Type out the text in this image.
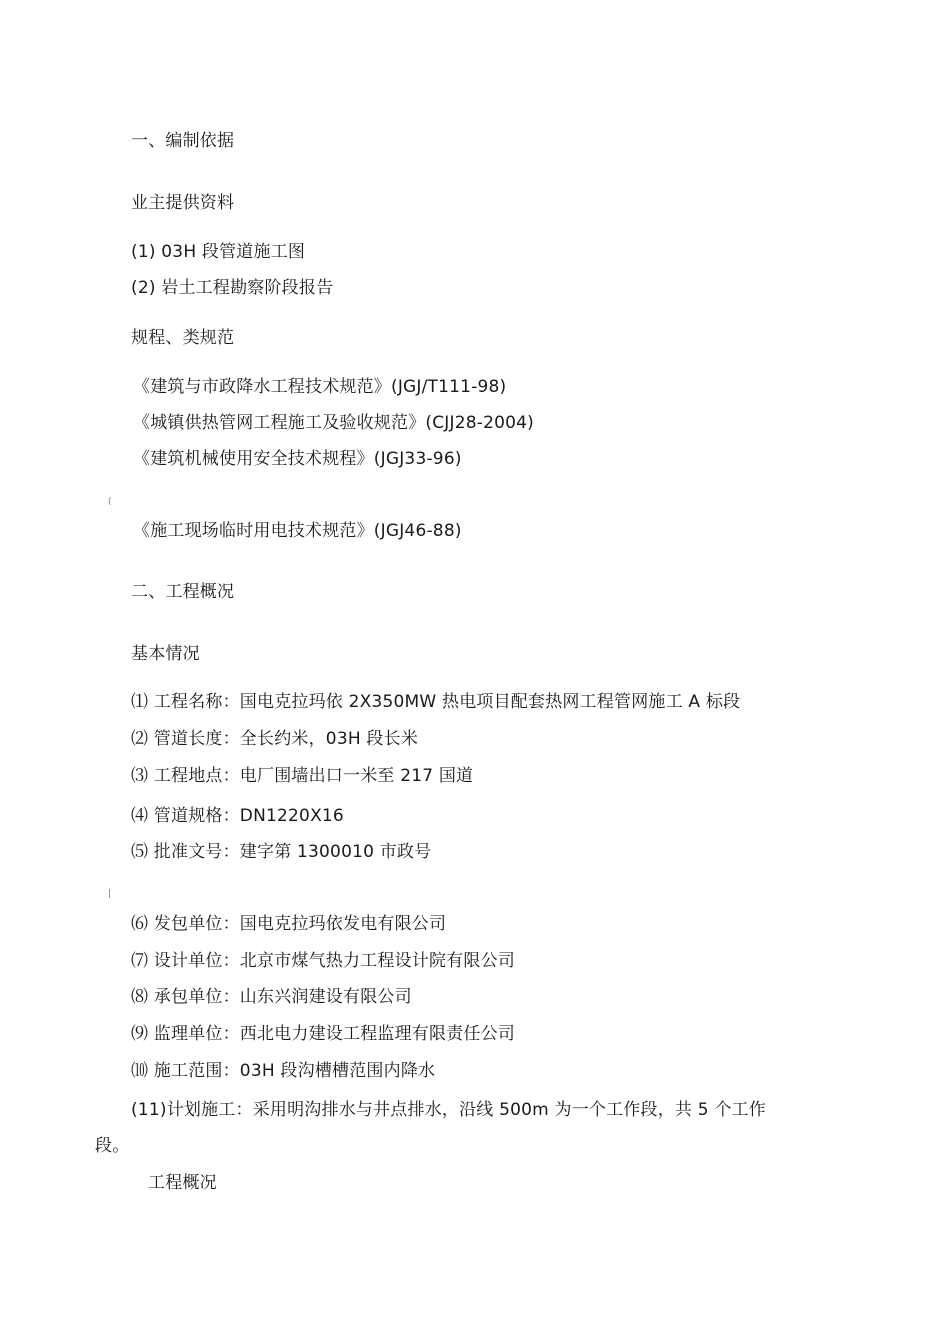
一、编制依据
业主提供资料
(1) 03H 段管道施工图
(2) 岩土工程勘察阶段报告
规程、类规范
《建筑与市政降水工程技术规范》(JGJ/T111-98)
《城镇供热管网工程施工及验收规范》(CJJ28-2004)
《建筑机械使用安全技术规程》(JGJ33-96)
(
《施工现场临时用电技术规范》(JGJ46-88)
二、工程概况
基本情况
⑴ 工程名称：国电克拉玛依 2X350MW 热电项目配套热网工程管网施工 A 标段
⑵ 管道长度：全长约米，03H 段长米
⑶ 工程地点：电厂围墙出口一米至 217 国道
⑷ 管道规格：DN1220X16
⑸ 批准文号：建字第 1300010 市政号
|
⑹ 发包单位：国电克拉玛依发电有限公司
⑺ 设计单位：北京市煤气热力工程设计院有限公司
⑻ 承包单位：山东兴润建设有限公司
⑼ 监理单位：西北电力建设工程监理有限责任公司
⑽ 施工范围：03H 段沟槽槽范围内降水
(11)计划施工：采用明沟排水与井点排水，沿线 500m 为一个工作段，共 5 个工作
段。
工程概况
